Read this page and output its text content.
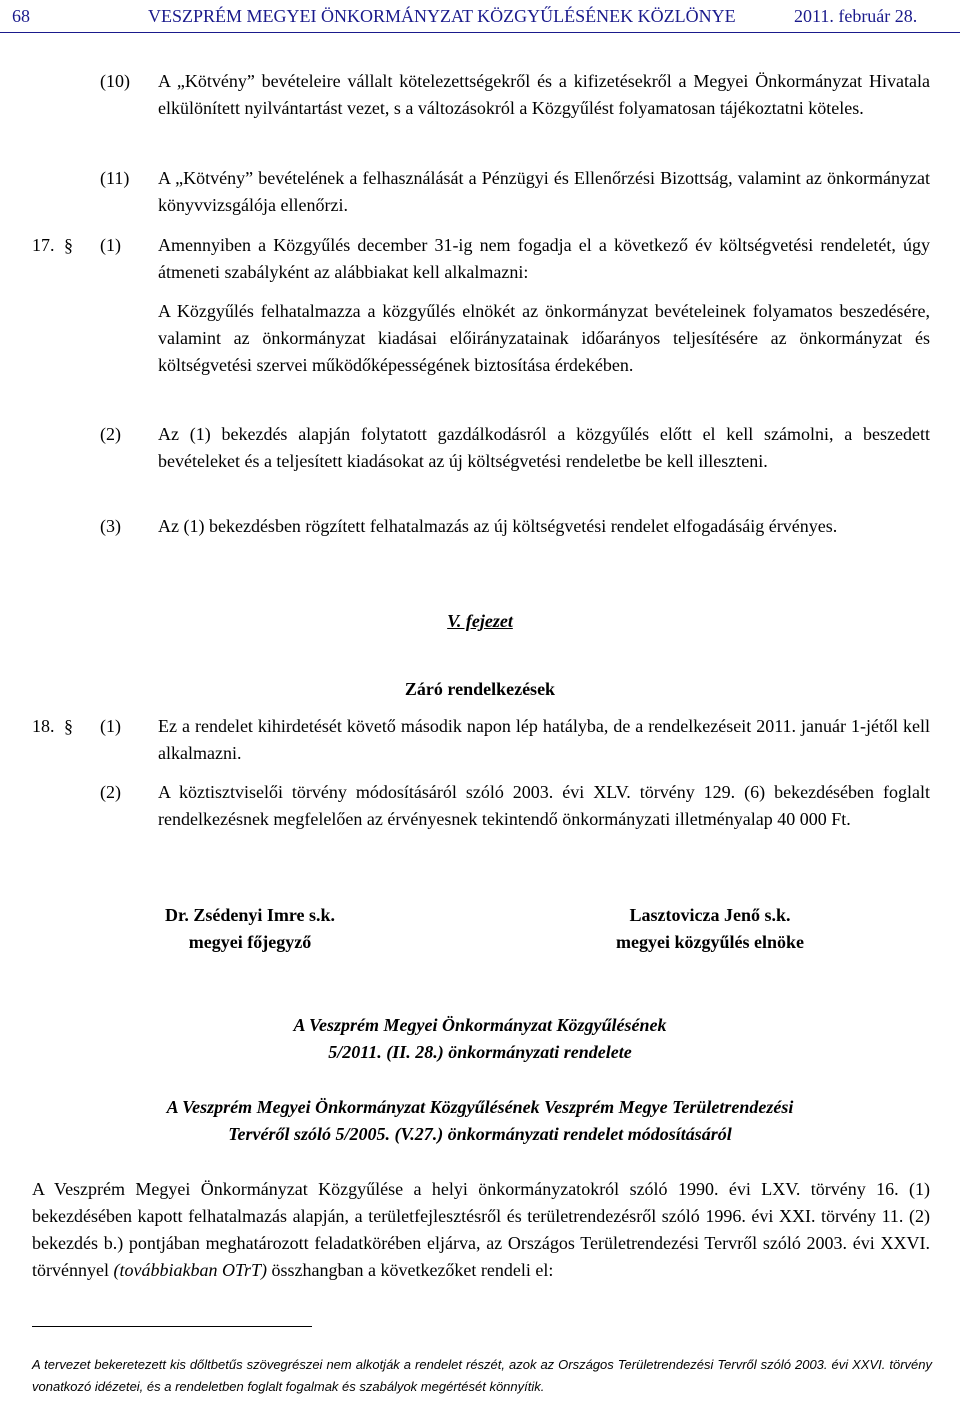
68	VESZPRÉM MEGYEI ÖNKORMÁNYZAT KÖZGYŰLÉSÉNEK KÖZLÖNYE	2011. február 28.
(10) A „Kötvény” bevételeire vállalt kötelezettségekről és a kifizetésekről a Megyei Önkormányzat Hivatala elkülönített nyilvántartást vezet, s a változásokról a Közgyűlést folyamatosan tájékoztatni köteles.

(11) A „Kötvény” bevételének a felhasználását a Pénzügyi és Ellenőrzési Bizottság, valamint az önkormányzat könyvvizsgálója ellenőrzi.

17. § (1) Amennyiben a Közgyűlés december 31-ig nem fogadja el a következő év költségvetési rendeletét, úgy átmeneti szabályként az alábbiakat kell alkalmazni:

A Közgyűlés felhatalmazza a közgyűlés elnökét az önkormányzat bevételeinek folyamatos beszedésére, valamint az önkormányzat kiadásai előirányzatainak időarányos teljesítésére az önkormányzat és költségvetési szervei működőképességének biztosítása érdekében.

(2) Az (1) bekezdés alapján folytatott gazdálkodásról a közgyűlés előtt el kell számolni, a beszedett bevételeket és a teljesített kiadásokat az új költségvetési rendeletbe be kell illeszteni.

(3) Az (1) bekezdésben rögzített felhatalmazás az új költségvetési rendelet elfogadásáig érvényes.

V. fejezet
Záró rendelkezések
18. § (1) Ez a rendelet kihirdetését követő második napon lép hatályba, de a rendelkezéseit 2011. január 1-jétől kell alkalmazni.

(2) A köztisztviselői törvény módosításáról szóló 2003. évi XLV. törvény 129. (6) bekezdésében foglalt rendelkezésnek megfelelően az érvényesnek tekintendő önkormányzati illetményalap 40 000 Ft.

Dr. Zsédenyi Imre s.k.
megyei főjegyző
Lasztovicza Jenő s.k.
megyei közgyűlés elnöke
A Veszprém Megyei Önkormányzat Közgyűlésének
5/2011. (II. 28.) önkormányzati rendelete
A Veszprém Megyei Önkormányzat Közgyűlésének Veszprém Megye Területrendezési
Tervéről szóló 5/2005. (V.27.) önkormányzati rendelet módosításáról

A Veszprém Megyei Önkormányzat Közgyűlése a helyi önkormányzatokról szóló 1990. évi LXV. törvény 16. (1) bekezdésében kapott felhatalmazás alapján, a területfejlesztésről és területrendezésről szóló 1996. évi XXI. törvény 11. (2) bekezdés b.) pontjában meghatározott feladatkörében eljárva, az Országos Területrendezési Tervről szóló 2003. évi XXVI. törvénnyel (továbbiakban OTrT) összhangban a következőket rendeli el:

A tervezet bekeretezett kis dőltbetűs szövegrészei nem alkotják a rendelet részét, azok az Országos Területrendezési Tervről szóló 2003. évi XXVI. törvény vonatkozó idézetei, és a rendeletben foglalt fogalmak és szabályok megértését könnyítik.
